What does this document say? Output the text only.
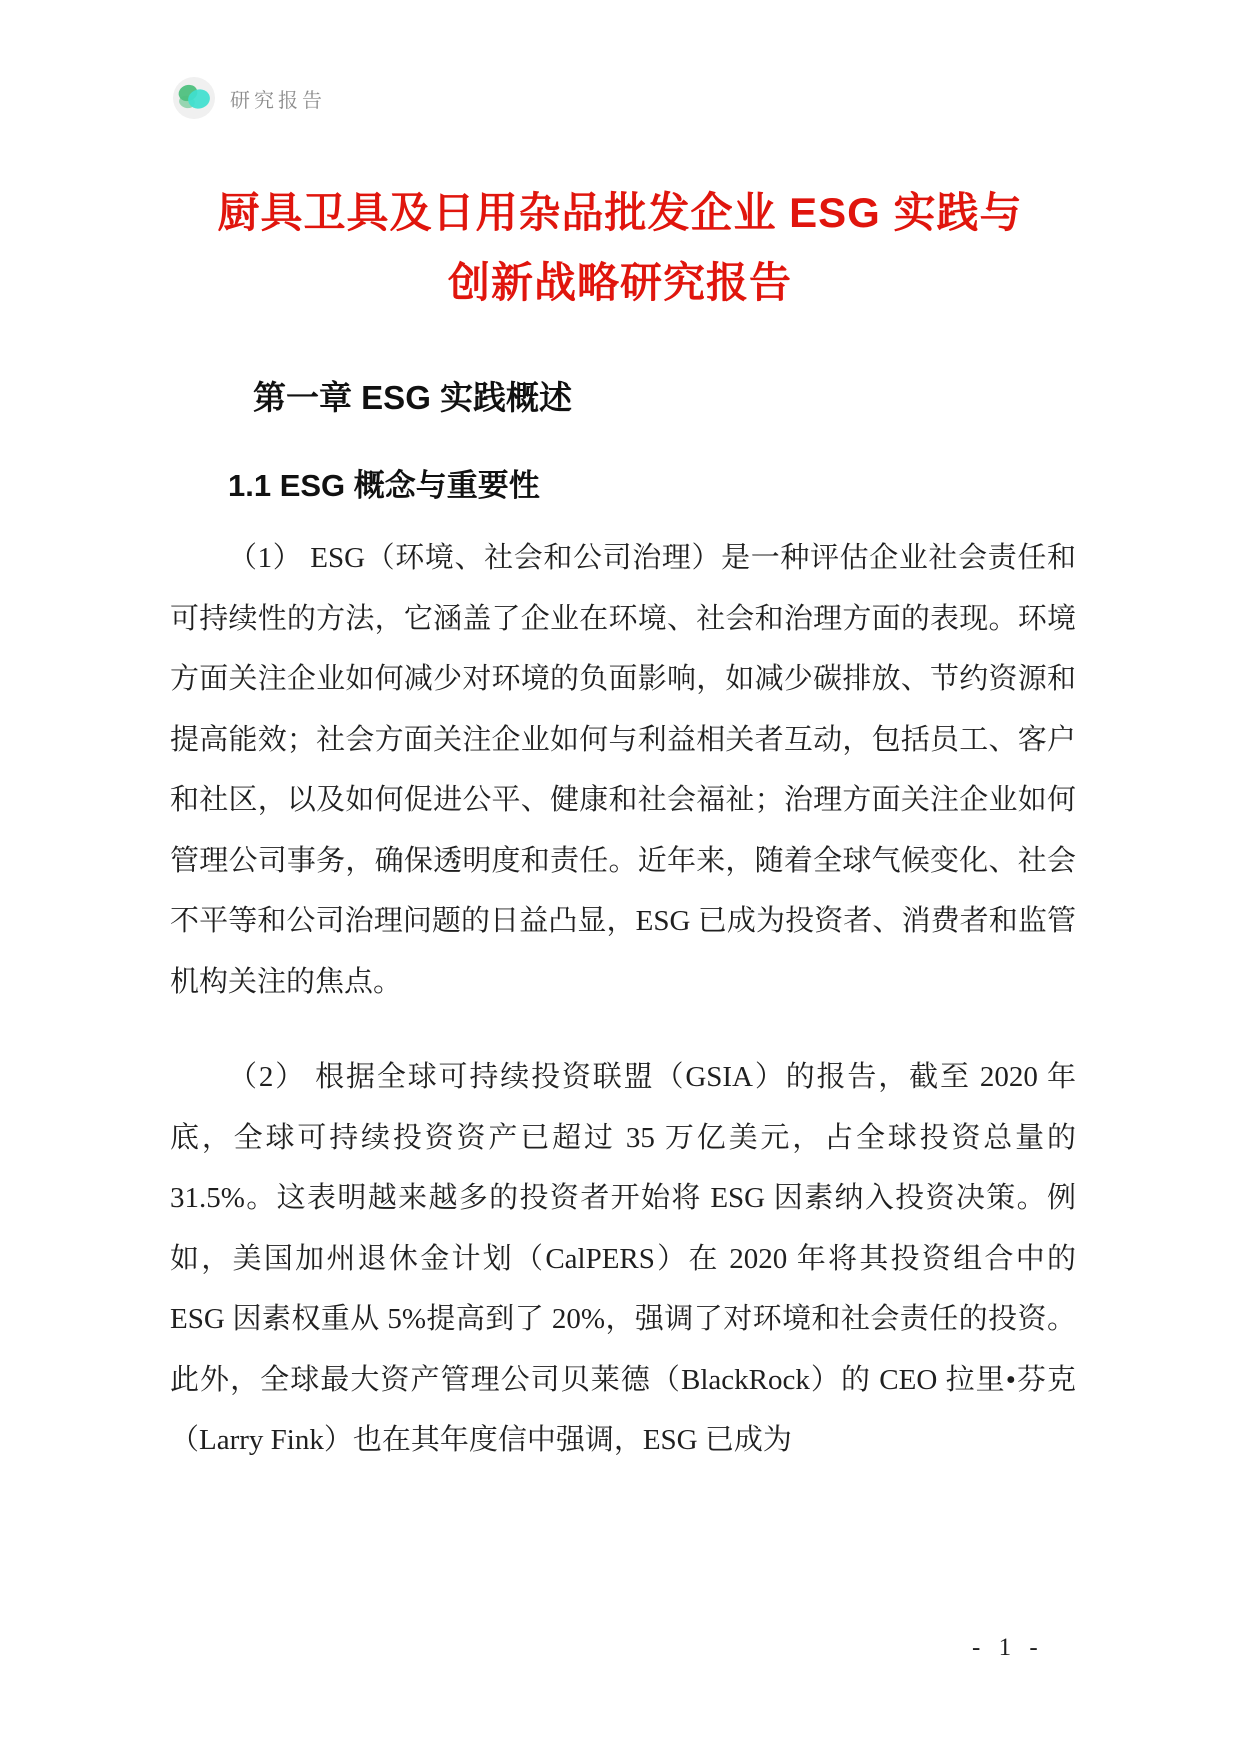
研究报告
厨具卫具及日用杂品批发企业 ESG 实践与
创新战略研究报告
第一章 ESG 实践概述
1.1 ESG 概念与重要性

（1） ESG（环境、社会和公司治理）是一种评估企业社会责任和可持续性的方法，它涵盖了企业在环境、社会和治理方面的表现。环境方面关注企业如何减少对环境的负面影响，如减少碳排放、节约资源和提高能效；社会方面关注企业如何与利益相关者互动，包括员工、客户和社区，以及如何促进公平、健康和社会福祉；治理方面关注企业如何管理公司事务，确保透明度和责任。近年来，随着全球气候变化、社会不平等和公司治理问题的日益凸显，ESG 已成为投资者、消费者和监管机构关注的焦点。

（2） 根据全球可持续投资联盟（GSIA）的报告，截至 2020 年底，全球可持续投资资产已超过 35 万亿美元，占全球投资总量的 31.5%。这表明越来越多的投资者开始将 ESG 因素纳入投资决策。例如，美国加州退休金计划（CalPERS）在 2020 年将其投资组合中的 ESG 因素权重从 5%提高到了 20%，强调了对环境和社会责任的投资。此外，全球最大资产管理公司贝莱德（BlackRock）的 CEO 拉里•芬克（Larry Fink）也在其年度信中强调，ESG 已成为

- 1 -
